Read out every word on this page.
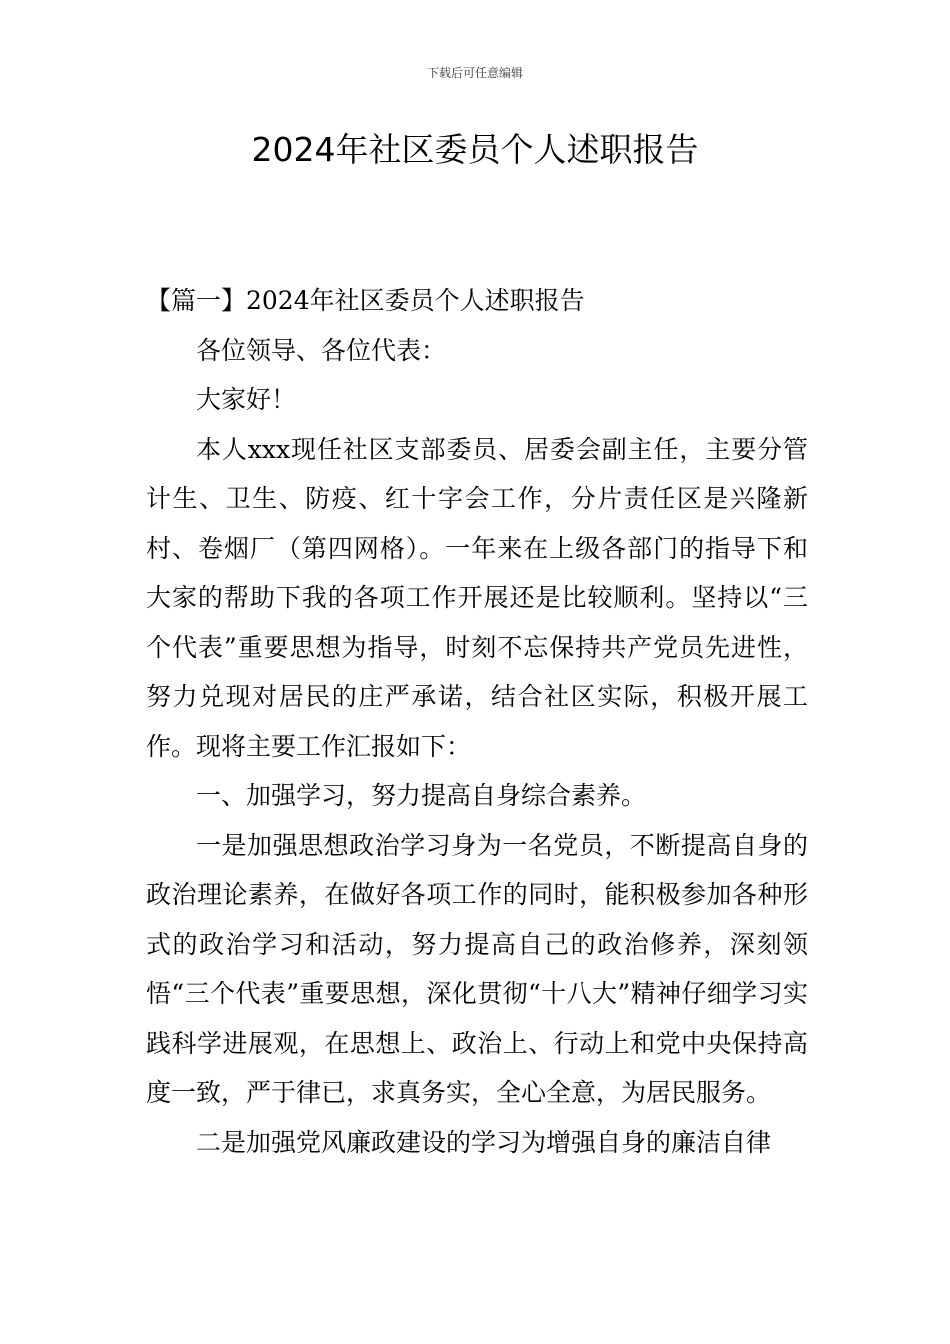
下载后可任意编辑
2024年社区委员个人述职报告

【篇一】2024年社区委员个人述职报告

各位领导、各位代表：

大家好！

本人xxx现任社区支部委员、居委会副主任，主要分管计生、卫生、防疫、红十字会工作，分片责任区是兴隆新村、卷烟厂（第四网格）。一年来在上级各部门的指导下和大家的帮助下我的各项工作开展还是比较顺利。坚持以“三个代表”重要思想为指导，时刻不忘保持共产党员先进性，努力兑现对居民的庄严承诺，结合社区实际，积极开展工作。现将主要工作汇报如下：

一、加强学习，努力提高自身综合素养。

一是加强思想政治学习身为一名党员，不断提高自身的政治理论素养，在做好各项工作的同时，能积极参加各种形式的政治学习和活动，努力提高自己的政治修养，深刻领悟“三个代表”重要思想，深化贯彻“十八大”精神仔细学习实践科学进展观，在思想上、政治上、行动上和党中央保持高度一致，严于律已，求真务实，全心全意，为居民服务。

二是加强党风廉政建设的学习为增强自身的廉洁自律
